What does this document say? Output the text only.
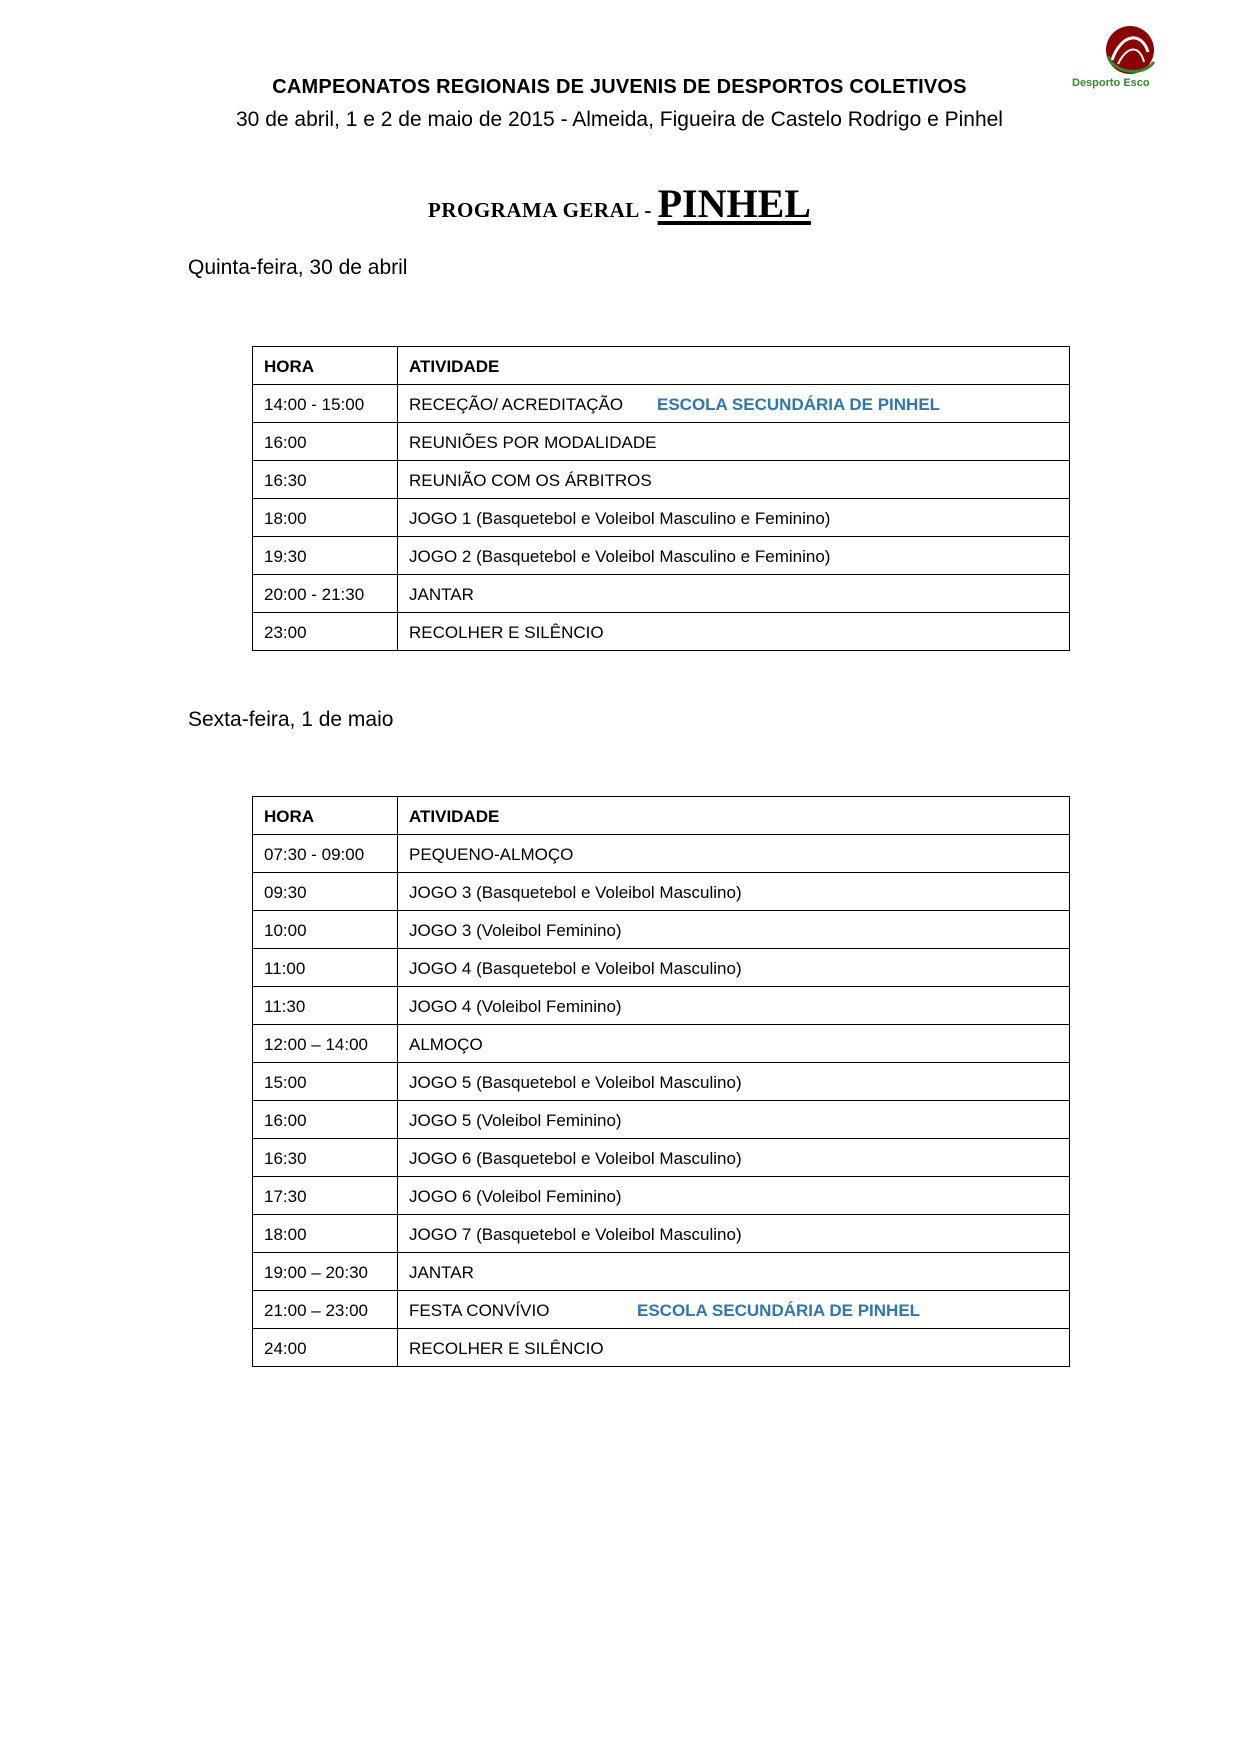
Desporto Esco
CAMPEONATOS REGIONAIS DE JUVENIS DE DESPORTOS COLETIVOS
30 de abril, 1 e 2 de maio de 2015 - Almeida, Figueira de Castelo Rodrigo e Pinhel
PROGRAMA GERAL - PINHEL
Quinta-feira, 30 de abril
HORA	ATIVIDADE
14:00 - 15:00	RECEÇÃO/ ACREDITAÇÃO ESCOLA SECUNDÁRIA DE PINHEL

16:00	REUNIÕES POR MODALIDADE
16:30	REUNIÃO COM OS ÁRBITROS
18:00	JOGO 1 (Basquetebol e Voleibol Masculino e Feminino)
19:30	JOGO 2 (Basquetebol e Voleibol Masculino e Feminino)
20:00 - 21:30	JANTAR
23:00	RECOLHER E SILÊNCIO
Sexta-feira, 1 de maio
HORA	ATIVIDADE
07:30 - 09:00	PEQUENO-ALMOÇO
09:30	JOGO 3 (Basquetebol e Voleibol Masculino)
10:00	JOGO 3 (Voleibol Feminino)
11:00	JOGO 4 (Basquetebol e Voleibol Masculino)
11:30	JOGO 4 (Voleibol Feminino)
12:00 – 14:00	ALMOÇO
15:00	JOGO 5 (Basquetebol e Voleibol Masculino)
16:00	JOGO 5 (Voleibol Feminino)
16:30	JOGO 6 (Basquetebol e Voleibol Masculino)
17:30	JOGO 6 (Voleibol Feminino)
18:00	JOGO 7 (Basquetebol e Voleibol Masculino)
19:00 – 20:30	JANTAR
21:00 – 23:00	FESTA CONVÍVIO ESCOLA SECUNDÁRIA DE PINHEL

24:00	RECOLHER E SILÊNCIO
